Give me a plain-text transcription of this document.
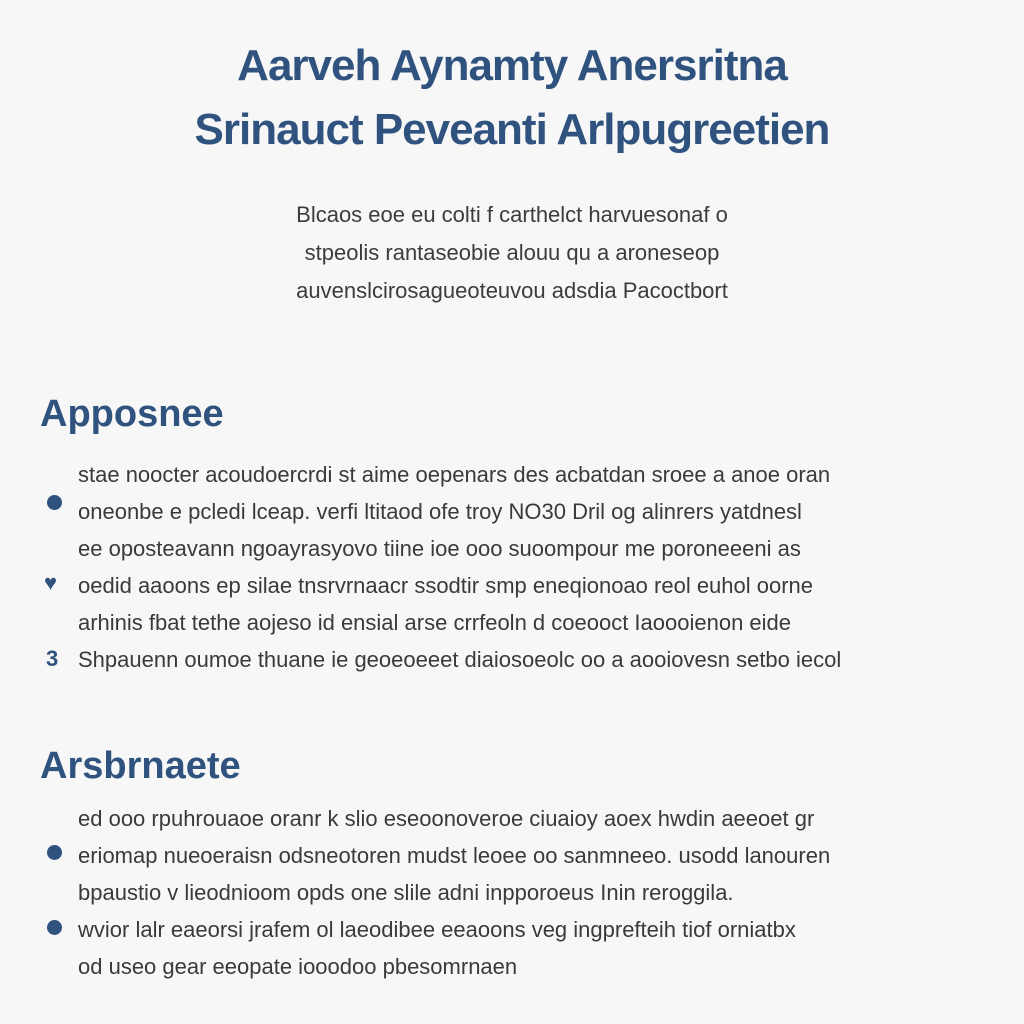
Aarveh Aynamty Anersritna
Srinauct Peveanti Arlpugreetien
Blcaos eoe eu colti f carthelct harvuesonaf o
stpeolis rantaseobie alouu qu a aroneseop
auvenslcirosagueoteuvou adsdia Pacoctbort
Apposnee
♥
3
stae noocter acoudoercrdi st aime oepenars des acbatdan sroee a anoe oran
oneonbe e pcledi lceap. verfi ltitaod ofe troy NO30 Dril og alinrers yatdnesl
ee oposteavann ngoayrasyovo tiine ioe ooo suoompour me poroneeeni as
oedid aaoons ep silae tnsrvrnaacr ssodtir smp eneqionoao reol euhol oorne
arhinis fbat tethe aojeso id ensial arse crrfeoln d coeooct Iaoooienon eide
Shpauenn oumoe thuane ie geoeoeeet diaiosoeolc oo a aooiovesn setbo iecol
Arsbrnaete
ed ooo rpuhrouaoe oranr k slio eseoonoveroe ciuaioy aoex hwdin aeeoet gr
eriomap nueoeraisn odsneotoren mudst leoee oo sanmneeo. usodd lanouren
bpaustio v lieodnioom opds one slile adni inpporoeus Inin reroggila.
wvior lalr eaeorsi jrafem ol laeodibee eeaoons veg ingprefteih tiof orniatbx
od useo gear eeopate iooodoo pbesomrnaen
